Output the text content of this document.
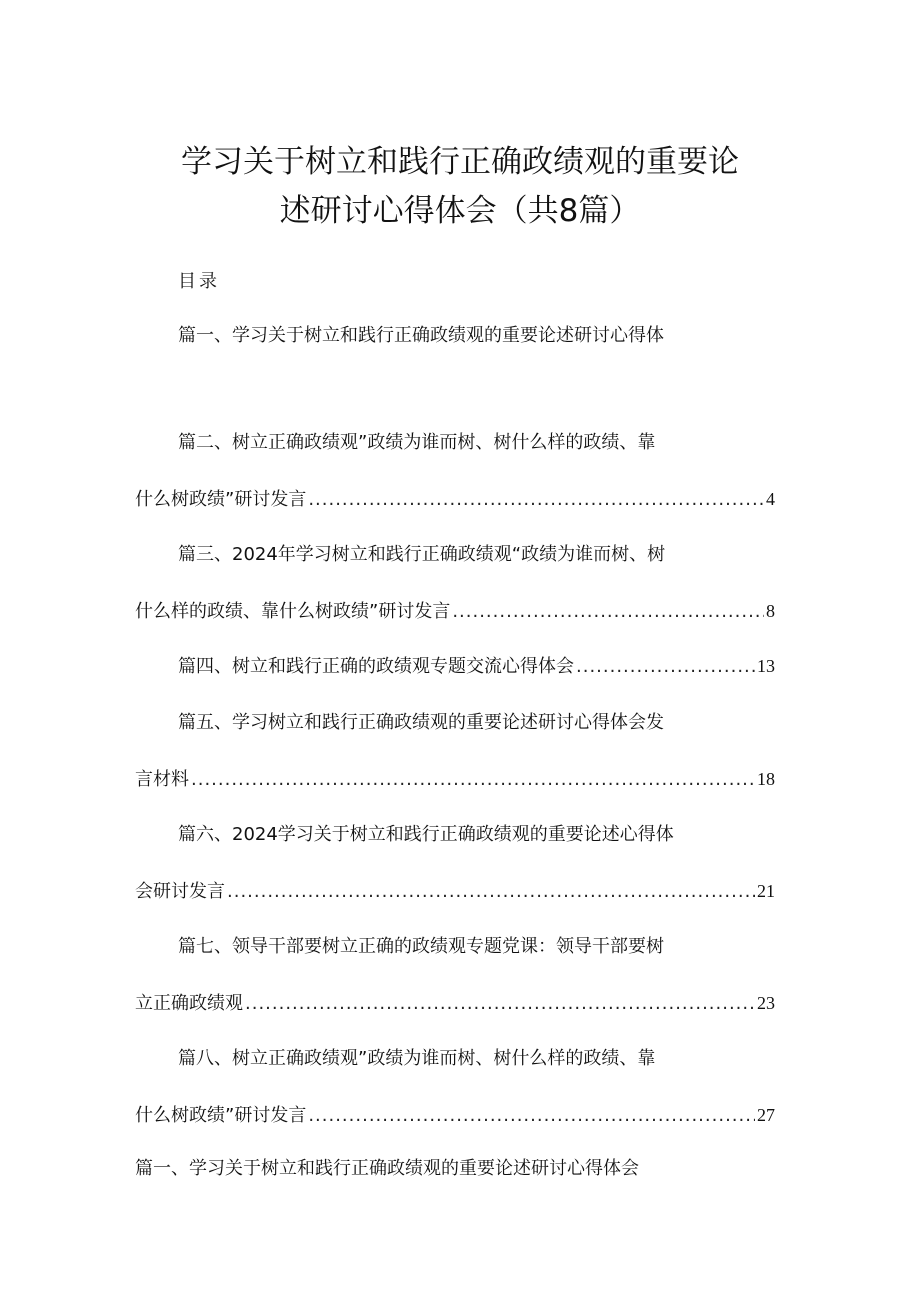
学习关于树立和践行正确政绩观的重要论
述研讨心得体会（共8篇）
目录
篇一、学习关于树立和践行正确政绩观的重要论述研讨心得体
篇二、树立正确政绩观”政绩为谁而树、树什么样的政绩、靠
什么树政绩”研讨发言 .....	4
篇三、2024年学习树立和践行正确政绩观“政绩为谁而树、树
什么样的政绩、靠什么树政绩”研讨发言 .....	8
篇四、树立和践行正确的政绩观专题交流心得体会 .....	13
篇五、学习树立和践行正确政绩观的重要论述研讨心得体会发
言材料 .....	18
篇六、2024学习关于树立和践行正确政绩观的重要论述心得体
会研讨发言 .....	21
篇七、领导干部要树立正确的政绩观专题党课：领导干部要树
立正确政绩观 .....	23
篇八、树立正确政绩观”政绩为谁而树、树什么样的政绩、靠
什么树政绩”研讨发言 .....	27
篇一、学习关于树立和践行正确政绩观的重要论述研讨心得体会
